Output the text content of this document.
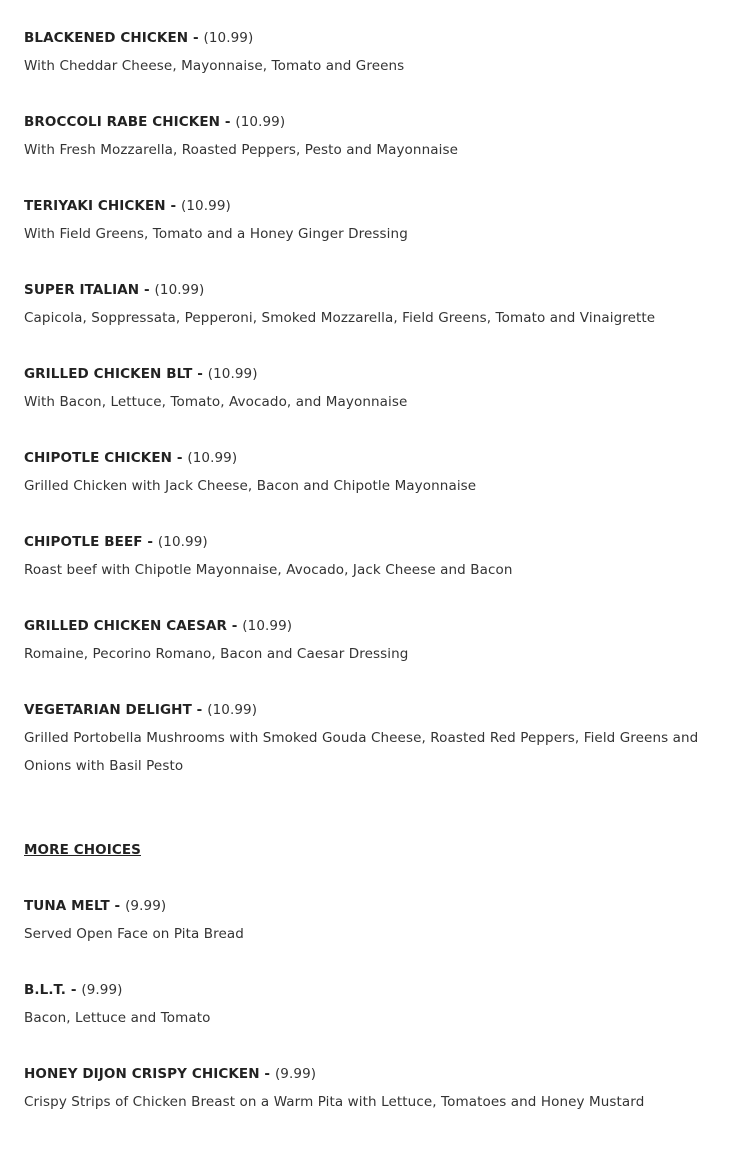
BLACKENED CHICKEN - (10.99)
With Cheddar Cheese, Mayonnaise, Tomato and Greens
BROCCOLI RABE CHICKEN - (10.99)
With Fresh Mozzarella, Roasted Peppers, Pesto and Mayonnaise
TERIYAKI CHICKEN - (10.99)
With Field Greens, Tomato and a Honey Ginger Dressing
SUPER ITALIAN - (10.99)
Capicola, Soppressata, Pepperoni, Smoked Mozzarella, Field Greens, Tomato and Vinaigrette
GRILLED CHICKEN BLT - (10.99)
With Bacon, Lettuce, Tomato, Avocado, and Mayonnaise
CHIPOTLE CHICKEN - (10.99)
Grilled Chicken with Jack Cheese, Bacon and Chipotle Mayonnaise
CHIPOTLE BEEF - (10.99)
Roast beef with Chipotle Mayonnaise, Avocado, Jack Cheese and Bacon
GRILLED CHICKEN CAESAR - (10.99)
Romaine, Pecorino Romano, Bacon and Caesar Dressing
VEGETARIAN DELIGHT - (10.99)
Grilled Portobella Mushrooms with Smoked Gouda Cheese, Roasted Red Peppers, Field Greens and Onions with Basil Pesto
MORE CHOICES
TUNA MELT - (9.99)
Served Open Face on Pita Bread
B.L.T. - (9.99)
Bacon, Lettuce and Tomato
HONEY DIJON CRISPY CHICKEN - (9.99)
Crispy Strips of Chicken Breast on a Warm Pita with Lettuce, Tomatoes and Honey Mustard
